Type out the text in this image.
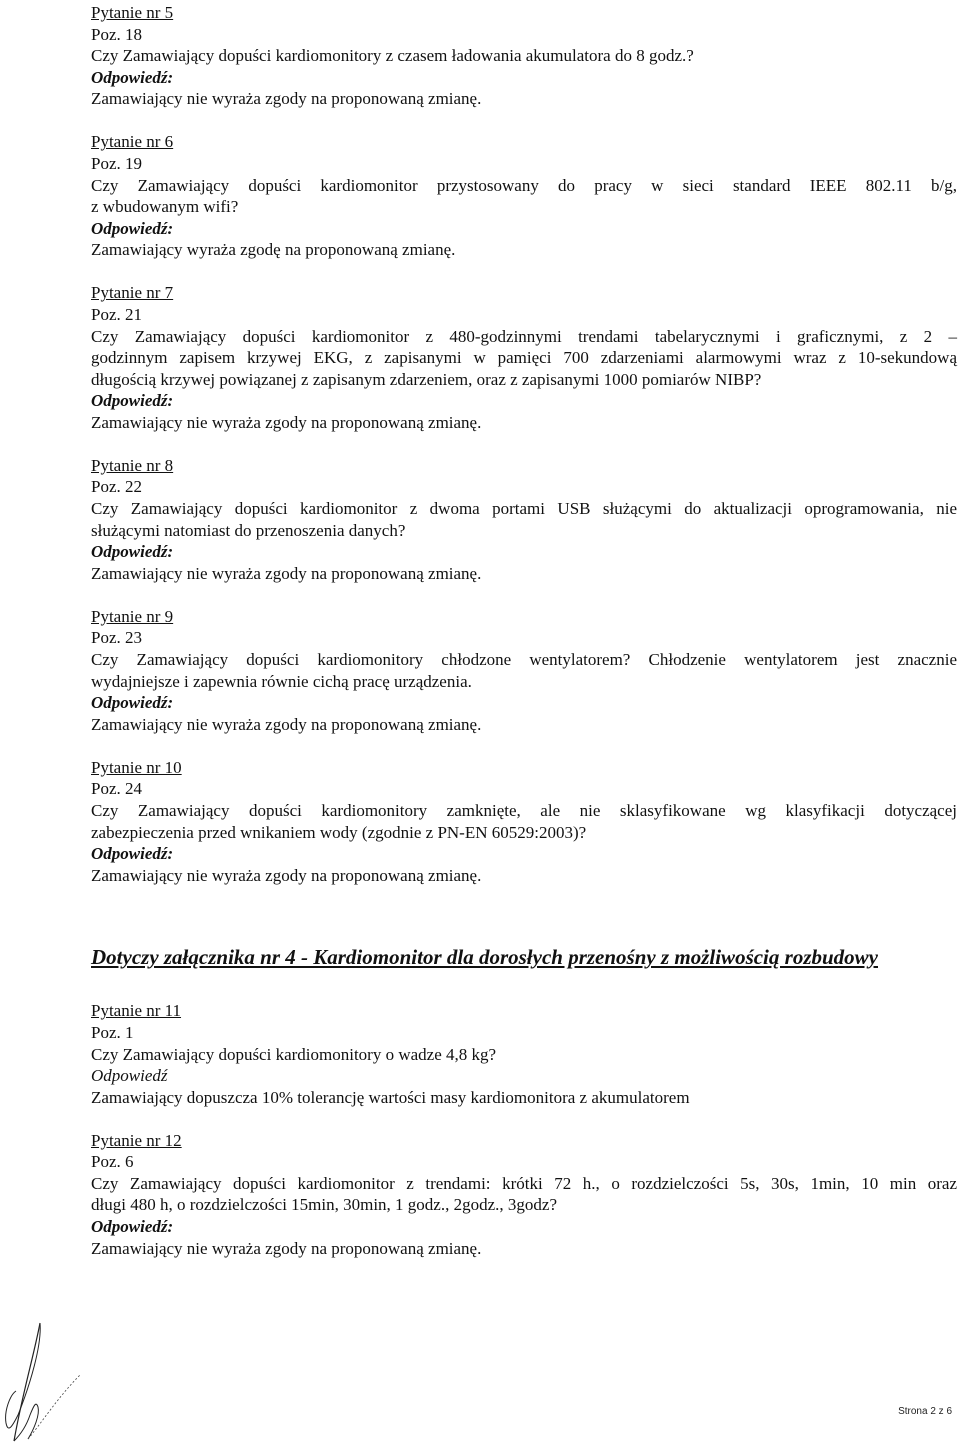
Pytanie nr 5
Poz. 18
Czy Zamawiający dopuści kardiomonitory z czasem ładowania akumulatora do 8 godz.?
Odpowiedź:
Zamawiający nie wyraża zgody na proponowaną zmianę.
Pytanie nr 6
Poz. 19
Czy Zamawiający dopuści kardiomonitor przystosowany do pracy w sieci standard IEEE 802.11 b/g,
z wbudowanym wifi?
Odpowiedź:
Zamawiający wyraża zgodę na proponowaną zmianę.
Pytanie nr 7
Poz. 21
Czy Zamawiający dopuści kardiomonitor z 480-godzinnymi trendami tabelarycznymi i graficznymi, z 2 –
godzinnym zapisem krzywej EKG, z zapisanymi w pamięci 700 zdarzeniami alarmowymi wraz z 10-sekundową
długością krzywej powiązanej z zapisanym zdarzeniem, oraz z zapisanymi 1000 pomiarów NIBP?
Odpowiedź:
Zamawiający nie wyraża zgody na proponowaną zmianę.
Pytanie nr 8
Poz. 22
Czy Zamawiający dopuści kardiomonitor z dwoma portami USB służącymi do aktualizacji oprogramowania, nie
służącymi natomiast do przenoszenia danych?
Odpowiedź:
Zamawiający nie wyraża zgody na proponowaną zmianę.
Pytanie nr 9
Poz. 23
Czy Zamawiający dopuści kardiomonitory chłodzone wentylatorem? Chłodzenie wentylatorem jest znacznie
wydajniejsze i zapewnia równie cichą pracę urządzenia.
Odpowiedź:
Zamawiający nie wyraża zgody na proponowaną zmianę.
Pytanie nr 10
Poz. 24
Czy Zamawiający dopuści kardiomonitory zamknięte, ale nie sklasyfikowane wg klasyfikacji dotyczącej
zabezpieczenia przed wnikaniem wody (zgodnie z PN-EN 60529:2003)?
Odpowiedź:
Zamawiający nie wyraża zgody na proponowaną zmianę.
Dotyczy załącznika nr 4 - Kardiomonitor dla dorosłych przenośny z możliwością rozbudowy
Pytanie nr 11
Poz. 1
Czy Zamawiający dopuści kardiomonitory o wadze 4,8 kg?
Odpowiedź
Zamawiający dopuszcza 10% tolerancję wartości masy kardiomonitora z akumulatorem
Pytanie nr 12
Poz. 6
Czy Zamawiający dopuści kardiomonitor z trendami: krótki 72 h., o rozdzielczości 5s, 30s, 1min, 10 min oraz
długi 480 h, o rozdzielczości 15min, 30min, 1 godz., 2godz., 3godz?
Odpowiedź:
Zamawiający nie wyraża zgody na proponowaną zmianę.
Strona 2 z 6
